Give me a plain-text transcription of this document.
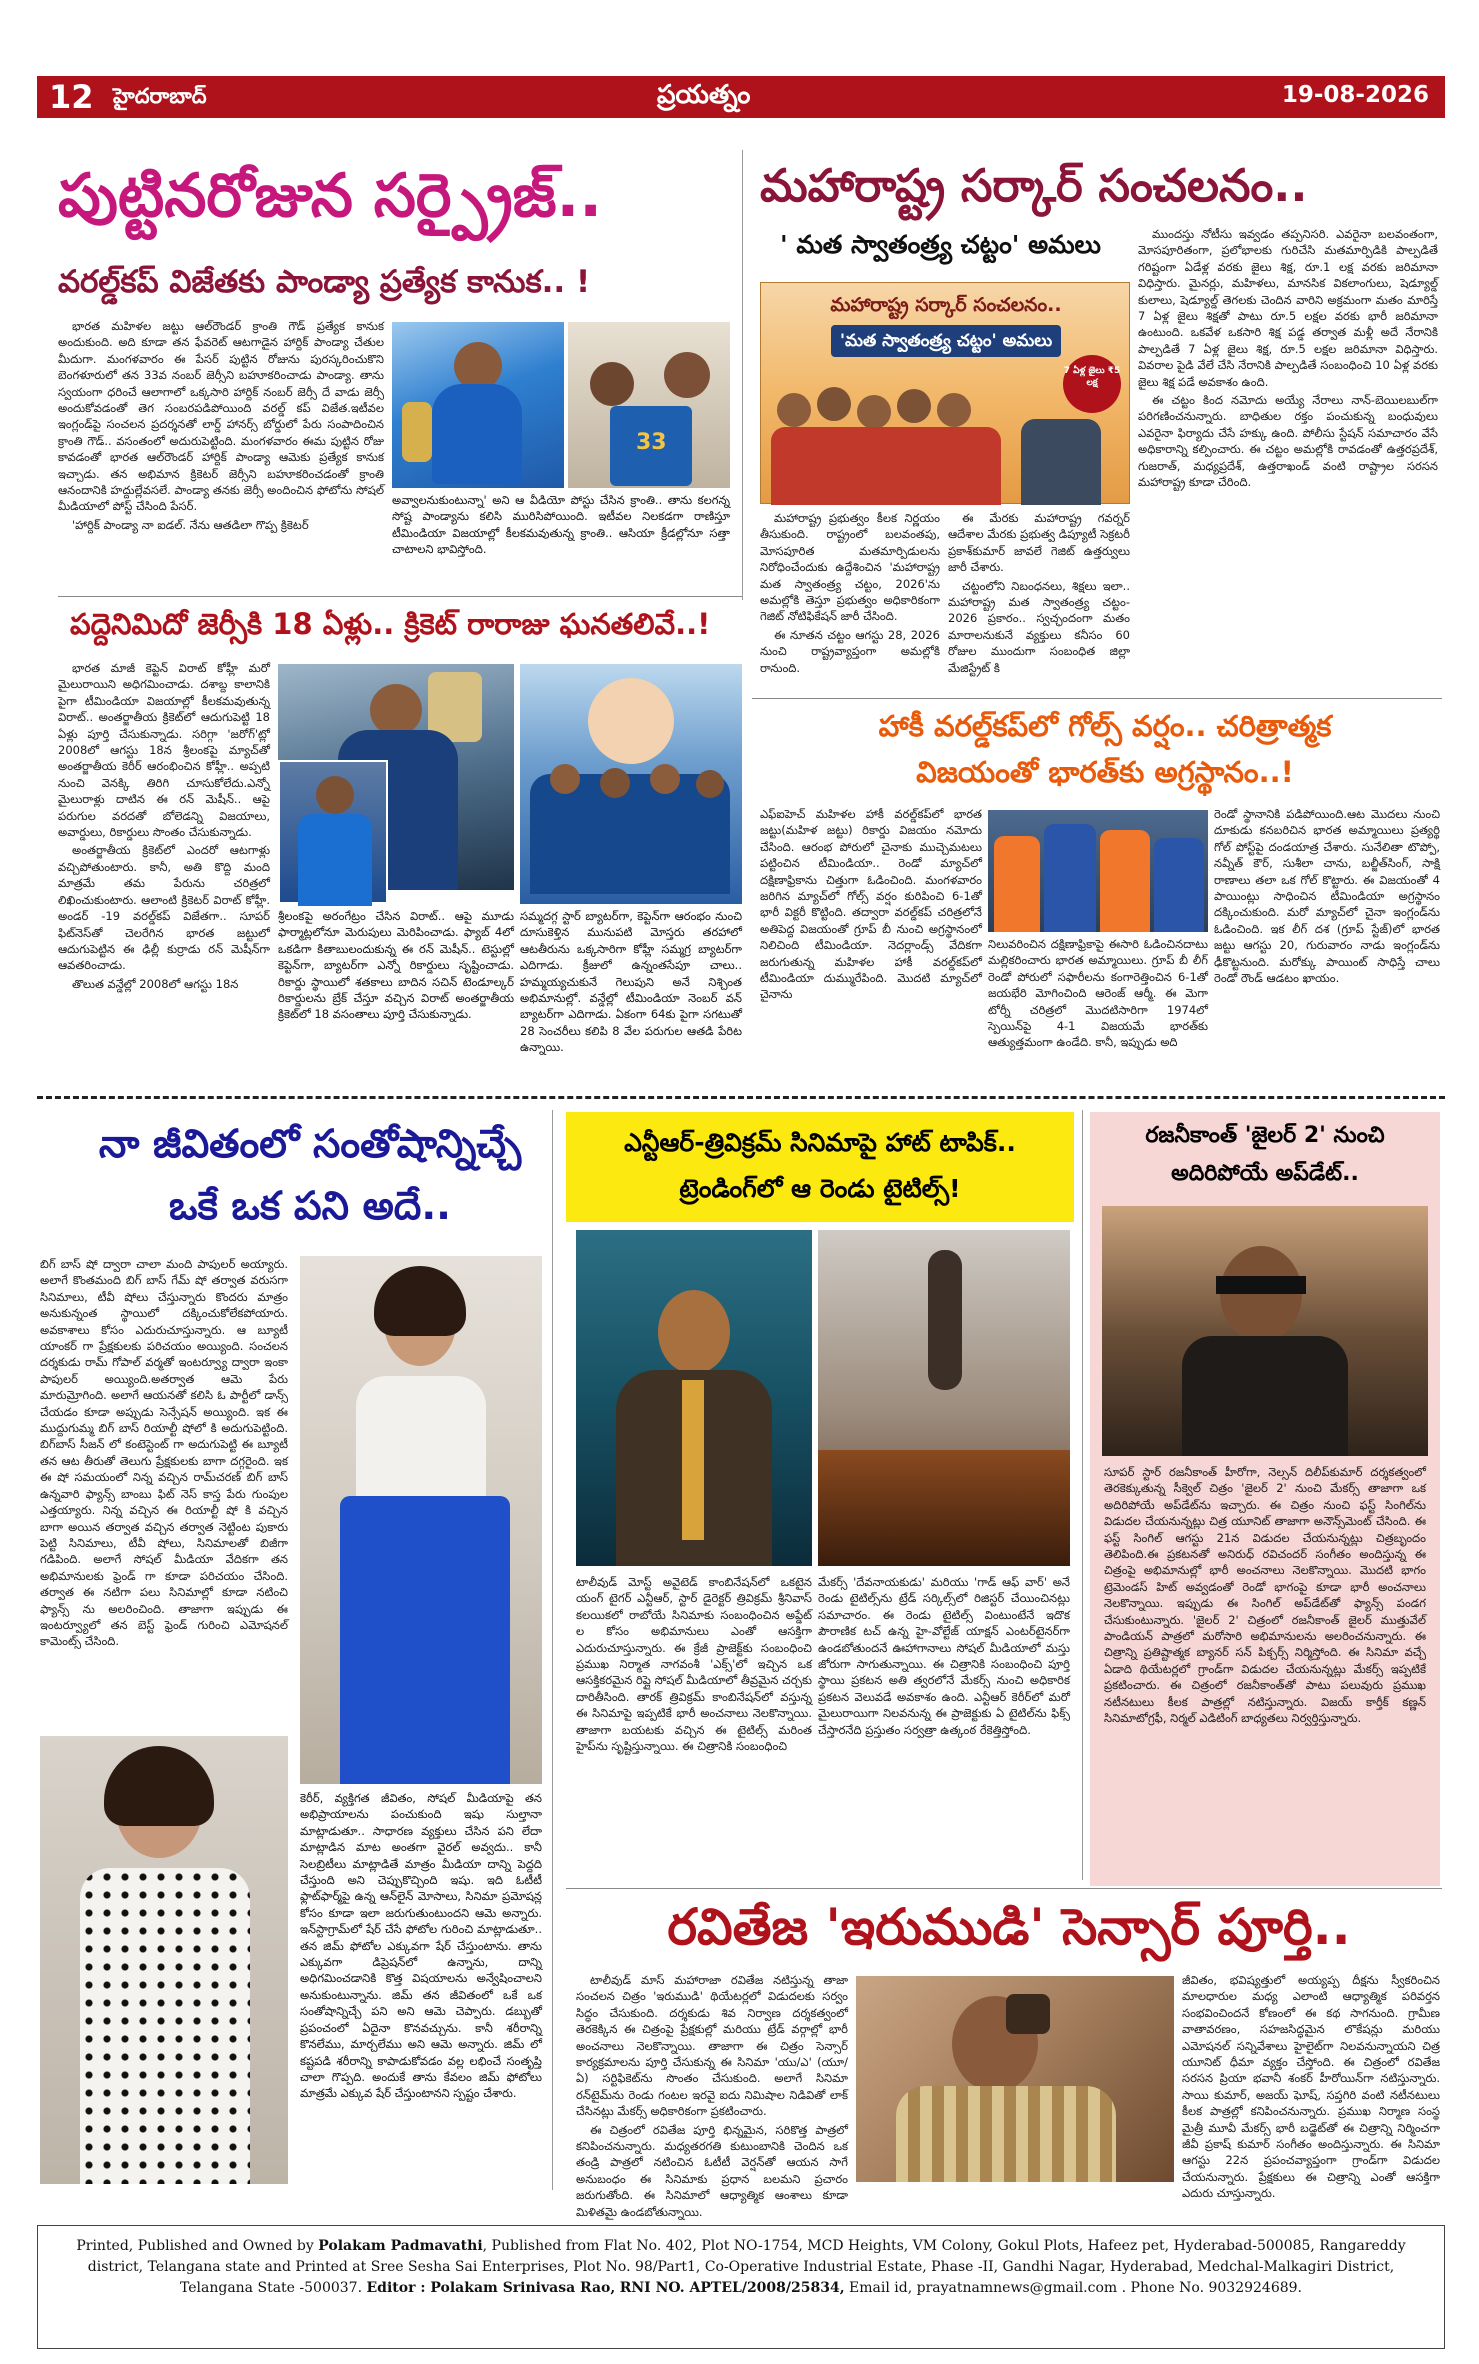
12 హైదరాబాద్	ప్రయత్నం	19-08-2026
పుట్టినరోజున సర్ప్రైజ్..
వరల్డ్‌కప్ విజేతకు పాండ్యా ప్రత్యేక కానుక.. !

భారత మహిళల జట్టు ఆల్‌రౌండర్ క్రాంతి గౌడ్ ప్రత్యేక కానుక అందుకుంది. అది కూడా తన ఫేవరెట్ ఆటగాడైన హార్దిక్ పాండ్యా చేతుల మీదుగా. మంగళవారం ఈ పేసర్ పుట్టిన రోజును పురస్కరించుకొని బెంగళూరులో తన 33వ నంబర్ జెర్సీని బహూకరించాడు పాండ్యా. తాను స్వయంగా ధరించే ఆలాగాలో ఒక్కసారి హార్దిక్ నంబర్ జెర్సీ దే వాడు జెర్సీ అందుకోవడంతో తెగ సంబరపడిపోయింది వరల్డ్ కప్ విజేత.ఇటీవల ఇంగ్లండ్‌పై సంచలన ప్రదర్శనతో లార్డ్ హానర్స్ బోర్డులో పేరు సంపాదించిన క్రాంతి గౌడ్.. వసంతంలో అదురుపెట్టింది. మంగళవారం ఈమ పుట్టిన రోజు కావడంతో భారత ఆల్‌రౌండర్ హార్దిక్ పాండ్యా ఆమెకు ప్రత్యేక కానుక ఇచ్చాడు. తన అభిమాన క్రికెటర్ జెర్సీని బహూకరించడంతో క్రాంతి ఆనందానికి హద్దుల్లేవసలే. పాండ్యా తనకు జెర్సీ అందించిన ఫోటోను సోషల్ మీడియాలో పోస్ట్ చేసింది పేసర్.

'హార్దిక్ పాండ్యా నా ఐడల్. నేను ఆతడిలా గొప్ప క్రికెటర్

33
అవ్వాలనుకుంటున్నా' అని ఆ వీడియో పోస్టు చేసిన క్రాంతి.. తాను కలగన్న సోష్ట పాండ్యాను కలిసి మురిసిపోయింది. ఇటీవల నిలకడగా రాణిస్తూ టీమిండియా విజయాల్లో కీలకమవుతున్న క్రాంతి.. ఆసియా క్రీడల్లోనూ సత్తా చాటాలని భావిస్తోంది.
పద్దెనిమిదో జెర్సీకి 18 ఏళ్లు.. క్రికెట్ రారాజు ఘనతలివే..!

భారత మాజీ కెప్టెన్ విరాట్ కోహ్లీ మరో మైలురాయిని అధిగమించాడు. దశాబ్ద కాలానికి పైగా టీమిండియా విజయాల్లో కీలకమవుతున్న విరాట్.. అంతర్జాతీయ క్రికెట్‌లో ఆదుగుపెట్టి 18 ఏళ్లు పూర్తి చేసుకున్నాడు. సరిగ్గా 'జరోగ్'ట్లో 2008లో ఆగస్టు 18న శ్రీలంకపై మ్యాచ్‌తో అంతర్జాతీయ కెరీర్ ఆరంభించిన కోహ్లీ.. అప్పటి నుంచి వెనక్కి తిరిగి చూసుకోలేదు.ఎన్నో మైలురాళ్లు దాటిన ఈ రన్ మెషీన్.. ఆపై పరుగుల వరదతో బోలెడన్ని విజయాలు, అవార్డులు, రికార్డులు సొంతం చేసుకున్నాడు.

అంతర్జాతీయ క్రికెట్‌లో ఎందరో ఆటగాళ్లు వచ్చిపోతుంటారు. కానీ, అతి కొద్ది మంది మాత్రమే తమ పేరును చరిత్రలో లిఖించుకుంటారు. ఆలాంటి క్రికెటర్ విరాట్ కోహ్లీ. అండర్ -19 వరల్డ్‌కప్ విజేతగా.. సూపర్ ఫిట్‌నెస్‌తో చెలరేగిన భారత జట్టులో ఆదుగుపెట్టిన ఈ ఢిల్లీ కుర్రాడు రన్ మెషీన్‌గా ఆవతరించాడు.

తొలుత వన్డేల్లో 2008లో ఆగస్టు 18న

శ్రీలంకపై అరంగేట్రం చేసిన విరాట్.. ఆపై మూడు ఫార్మాట్లలోనూ మెరుపులు మెరిపించాడు. ఫ్యాబ్ 4లో ఒకడిగా కితాబులందుకున్న ఈ రన్ మెషీన్.. టెస్టుల్లో కెప్టెన్‌గా, బ్యాటర్‌గా ఎన్నో రికార్డులు సృష్టించాడు. రికార్డు స్థాయిలో శతకాలు బాదిన సచిన్ టెండూల్కర్ రికార్డులను బ్రేక్ చేస్తూ వచ్చిన విరాట్ అంతర్జాతీయ క్రికెట్‌లో 18 వసంతాలు పూర్తి చేసుకున్నాడు.
సమ్మదగ్గ స్టార్ బ్యాటర్‌గా, కెప్టెన్‌గా ఆరంభం నుంచి దూసుకెళ్తిన మునుపటి మోస్తరు తరహాలో ఆటతీరును ఒక్కసారిగా కోహ్లీ సమ్మగ్ర బ్యాటర్‌గా ఎదిగాడు. క్రీజులో ఉన్నంతసేపూ చాలు.. హమ్మయ్యచుకునే గెలుపుని అనే నిశ్చింత అభిమానుల్లో. వన్డేల్లో టీమిండియా నెంబర్ వన్ బ్యాటర్‌గా ఎదిగాడు. ఏకంగా 64కు పైగా సగటుతో 28 సెంచరీలు కలిపి 8 వేల పరుగుల ఆతడి పేరిట ఉన్నాయి.
మహారాష్ట్ర సర్కార్ సంచలనం..
' మత స్వాతంత్ర్య చట్టం' అమలు
మహారాష్ట్ర సర్కార్ సంచలనం..
'మత స్వాతంత్ర్య చట్టం' అమలు
7 ఏళ్ల జైలు ₹5 లక్ష

మహారాష్ట్ర ప్రభుత్వం కీలక నిర్ణయం తీసుకుంది. రాష్ట్రంలో బలవంతపు, మోసపూరిత మతమార్పిడులను నిరోధించేందుకు ఉద్దేశించిన 'మహారాష్ట్ర మత స్వాతంత్ర్య చట్టం, 2026'ను అమల్లోకి తెస్తూ ప్రభుత్వం అధికారికంగా గెజిట్ నోటిఫికేషన్ జారీ చేసింది.

ఈ నూతన చట్టం ఆగస్టు 28, 2026 నుంచి రాష్ట్రవ్యాప్తంగా అమల్లోకి రానుంది.

ఈ మేరకు మహారాష్ట్ర గవర్నర్ ఆదేశాల మేరకు ప్రభుత్వ డిప్యూటీ సెక్రటరీ ప్రకాశ్‌కుమార్ జావలే గెజిట్ ఉత్తర్వులు జారీ చేశారు.

చట్టంలోని నిబంధనలు, శిక్షలు ఇలా.. మహారాష్ట్ర మత స్వాతంత్ర్య చట్టం- 2026 ప్రకారం.. స్వచ్ఛందంగా మతం మారాలనుకునే వ్యక్తులు కనీసం 60 రోజుల ముందుగా సంబంధిత జిల్లా మేజిస్ట్రేట్ కి

ముందస్తు నోటీసు ఇవ్వడం తప్పనిసరి. ఎవరైనా బలవంతంగా, మోసపూరితంగా, ప్రలోభాలకు గురిచేసి మతమార్పిడికి పాల్పడితే గరిష్టంగా ఏడేళ్ల వరకు జైలు శిక్ష, రూ.1 లక్ష వరకు జరిమానా విధిస్తారు. మైనర్లు, మహిళలు, మానసిక వికలాంగులు, షెడ్యూల్డ్ కులాలు, షెడ్యూల్డ్ తెగలకు చెందిన వారిని అక్రమంగా మతం మారిస్తే 7 ఏళ్ల జైలు శిక్షతో పాటు రూ.5 లక్షల వరకు భారీ జరిమానా ఉంటుంది. ఒకవేళ ఒకసారి శిక్ష పడ్డ తర్వాత మళ్లీ అదే నేరానికి పాల్పడితే 7 ఏళ్ల జైలు శిక్ష, రూ.5 లక్షల జరిమానా విధిస్తారు. వివరాల పైడి వేలే చేసి నేరానికి పాల్పడితే సంబంధించి 10 ఏళ్ల వరకు జైలు శిక్ష పడే అవకాశం ఉంది.

ఈ చట్టం కింద నమోదు అయ్యే నేరాలు నాన్-బెయిలబుల్‌గా పరిగణించనున్నారు. బాధితుల రక్తం పంచుకున్న బంధువులు ఎవరైనా ఫిర్యాదు చేసే హక్కు ఉంది. పోలీసు స్టేషన్ సమాచారం వేసే అధికారాన్ని కల్పించారు. ఈ చట్టం అమల్లోకి రావడంతో ఉత్తరప్రదేశ్, గుజరాత్, మధ్యప్రదేశ్, ఉత్తరాఖండ్ వంటి రాష్ట్రాల సరసన మహారాష్ట్ర కూడా చేరింది.

హాకీ వరల్డ్‌కప్‌లో గోల్స్ వర్షం.. చరిత్రాత్మక
విజయంతో భారత్‌కు అగ్రస్థానం..!
ఎఫ్ఐహెచ్ మహిళల హాకీ వరల్డ్‌కప్‌లో భారత జట్టు(మహిళ జట్టు) రికార్డు విజయం నమోదు చేసింది. ఆరంభ పోరులో చైనాకు ముచ్చెమటలు పట్టించిన టీమిండియా.. రెండో మ్యాచ్‌లో దక్షిణాఫ్రికాను చిత్తుగా ఓడించింది. మంగళవారం జరిగిన మ్యాచ్‌లో గోల్స్ వర్షం కురిపించి 6-1తో భారీ విక్టరీ కొట్టింది. తద్వారా వరల్డ్‌కప్ చరిత్రలోనే అతిపెద్ద విజయంతో గ్రూప్ బీ నుంచి అగ్రస్థానంలో నిలిచింది టీమిండియా. నెదర్లాండ్స్ వేదికగా జరుగుతున్న మహిళల హాకీ వరల్డ్‌కప్‌లో టీమిండియా దుమ్మురేపింది. మొదటి మ్యాచ్‌లో చైనాను
నిలువరించిన దక్షిణాఫ్రికాపై ఈసారి ఓడించినదాటు మల్లికరించారు భారత అమ్మాయిలు. గ్రూప్ బీ లీగ్ రెండో పోరులో సఫారీలను కంగారెత్తించిన 6-1తో జయభేరి మోగించింది ఆరెంజ్ ఆర్మీ. ఈ మెగా టోర్నీ చరిత్రలో మొదటిసారిగా 1974లో స్పెయిన్‌పై 4-1 విజయమే భారత్‌కు ఆత్యుత్తమంగా ఉండేది. కానీ, ఇప్పుడు అది
రెండో స్థానానికి పడిపోయింది.ఆట మొదలు నుంచి దూకుడు కనబరిచిన భారత అమ్మాయిలు ప్రత్యర్థి గోల్ పోస్ట్‌పై దండయాత్ర చేశారు. సునేలితా టొప్పో, నవ్నీత్ కౌర్, సుశీలా చాను, బల్జీత్‌సింగ్, సాక్షి రాణాలు తలా ఒక గోల్ కొట్టారు. ఈ విజయంతో 4 పాయింట్లు సాధించిన టీమిండియా అగ్రస్థానం దక్కించుకుంది. మరో మ్యాచ్‌లో చైనా ఇంగ్లండ్‌ను ఓడించింది. ఇక లీగ్ దశ (గ్రూప్ స్టేజ్)లో భారత జట్టు ఆగస్టు 20, గురువారం నాడు ఇంగ్లండ్‌ను ఢీకొట్టనుంది. మరోక్కు పాయింట్ సాధిస్తే చాలు రెండో రౌండ్ ఆడటం ఖాయం.
నా జీవితంలో సంతోషాన్నిచ్చే
ఒకే ఒక పని అదే..
బిగ్ బాస్ షో ద్వారా చాలా మంది పాపులర్ అయ్యారు. అలాగే కొంతమంది బిగ్ బాస్ గేమ్ షో తర్వాత వరుసగా సినిమాలు, టీవీ షోలు చేస్తున్నారు కొందరు మాత్రం అనుకున్నంత స్థాయిలో దక్కించుకోలేకపోయారు. అవకాశాలు కోసం ఎదురుచూస్తున్నారు. ఆ బ్యూటీ యాంకర్ గా ప్రేక్షకులకు పరిచయం అయ్యింది. సంచలన దర్శకుడు రామ్ గోపాల్ వర్మతో ఇంటర్వ్యూ ద్వారా ఇంకా పాపులర్ అయ్యింది.అతర్వాత ఆమె పేరు మారుమ్రోగింది. అలాగే ఆయనతో కలిసి ఓ పార్టీలో డాన్స్ చేయడం కూడా అప్పుడు సెన్సేషన్ అయ్యింది. ఇక ఈ ముద్దుగుమ్మ బిగ్ బాస్ రియాల్టీ షోలో కి అదుగుపెట్టింది. బిగ్‌బాస్ సీజన్ లో కంటెస్టెంట్ గా అదుగుపెట్టి ఈ బ్యూటీ తన ఆట తీరుతో తెలుగు ప్రేక్షకులకు బాగా దగ్గరైంది. ఇక ఈ షో సమయంలో నిన్న వచ్చిన రామ్‌చరణ్ బిగ్ బాస్ ఉన్నవారి ఫ్యాన్స్ బాంబు ఫిట్ నెస్ కాస్త పేరు గుంపుల ఎత్తయ్యారు. నిన్న వచ్చిన ఈ రియాల్టీ షో కి వచ్చిన బాగా అయిన తర్వాత వచ్చిన తర్వాత నెట్టింట పుకారు పెట్టి సినిమాలు, టీవీ షోలు, సినిమాలతో బిజీగా గడిపింది. అలాగే సోషల్ మీడియా వేదికగా తన అభిమానులకు ఫ్రెండ్ గా కూడా పరిచయం చేసింది. తర్వాత ఈ నటిగా పలు సినిమాల్లో కూడా నటించి ఫ్యాన్స్ ను అలరించింది. తాజాగా ఇప్పుడు ఈ ఇంటర్వ్యూలో తన బెస్ట్ ఫ్రెండ్ గురించి ఎమోషనల్ కామెంట్స్ చేసింది.
కెరీర్, వ్యక్తిగత జీవితం, సోషల్ మీడియాపై తన అభిప్రాయాలను పంచుకుంది ఇషు సుల్తానా మాట్లాడుతూ.. సాధారణ వ్యక్తులు చేసిన పని లేదా మాట్లాడిన మాట అంతగా వైరల్ అవ్వదు.. కానీ సెలబ్రిటీలు మాట్లాడితే మాత్రం మీడియా దాన్ని పెద్దది చేస్తుంది అని చెప్పుకొచ్చింది ఇషు. ఇది ఓటీటీ ఫ్లాట్‌ఫార్మ్‌పై ఉన్న ఆన్‌లైన్ మోసాలు, సినిమా ప్రమోషన్ల కోసం కూడా ఇలా జరుగుతుంటుందని ఆమె అన్నారు. ఇన్‌స్టాగ్రామ్‌లో షేర్ చేసే ఫోటోల గురించి మాట్లాడుతూ.. తన జిమ్ ఫోటోల ఎక్కువగా షేర్ చేస్తుంటాను. తాను ఎక్కువగా డిప్రెషన్‌లో ఉన్నాను, దాన్ని అధిగమించడానికి కొత్త విషయాలను అన్వేషించాలని అనుకుంటున్నాను. జిమ్ తన జీవితంలో ఒకే ఒక సంతోషాన్నిచ్చే పని అని ఆమె చెప్పారు. డబ్బుతో ప్రపంచంలో ఏదైనా కొనవచ్చును. కానీ శరీరాన్ని కొనలేము, మార్చలేము అని ఆమె అన్నారు. జిమ్ లో కష్టపడి శరీరాన్ని కాపాడుకోవడం వల్ల లభించే సంతృప్తి చాలా గొప్పది. అందుకే తాను కేవలం జిమ్ ఫోటోలు మాత్రమే ఎక్కువ షేర్ చేస్తుంటానని స్పష్టం చేశారు.
ఎన్టీఆర్-త్రివిక్రమ్ సినిమాపై హాట్ టాపిక్..
ట్రెండింగ్‌లో ఆ రెండు టైటిల్స్!
టాలీవుడ్ మోస్ట్ అవైటెడ్ కాంబినేషన్‌లో ఒకటైన యంగ్ టైగర్ ఎన్టీఆర్, స్టార్ డైరెక్టర్ త్రివిక్రమ్ శ్రీనివాస్ కలయికలో రాబోయే సినిమాకు సంబంధించిన అప్డేట్ ల కోసం అభిమానులు ఎంతో ఆసక్తిగా ఎదురుచూస్తున్నారు. ఈ క్రేజీ ప్రాజెక్ట్‌కు సంబంధించి ప్రముఖ నిర్మాత నాగవంశీ 'ఎక్స్‌'లో ఇచ్చిన ఒక ఆసక్తికరమైన రిప్లై సోషల్ మీడియాలో తీవ్రమైన చర్చకు దారితీసింది. తారక్ త్రివిక్రమ్ కాంబినేషన్‌లో వస్తున్న ఈ సినిమాపై ఇప్పటికే భారీ అంచనాలు నెలకొన్నాయి. తాజాగా బయటకు వచ్చిన ఈ టైటిల్స్ మరింత హైప్‌ను సృష్టిస్తున్నాయి. ఈ చిత్రానికి సంబంధించి
మేకర్స్ 'దేవనాయకుడు' మరియు 'గాడ్ ఆఫ్ వార్' అనే రెండు టైటిల్స్‌ను ట్రేడ్ సర్కిల్స్‌లో రిజిస్టర్ చేయించినట్లు సమాచారం. ఈ రెండు టైటిల్స్ వింటుంటేనే ఇదొక పౌరాణిక టచ్ ఉన్న హై-వోల్టేజ్ యాక్షన్ ఎంటర్‌టైనర్‌గా ఉండబోతుందనే ఊహాగానాలు సోషల్ మీడియాలో మస్తు జోరుగా సాగుతున్నాయి. ఈ చిత్రానికి సంబంధించి పూర్తి స్థాయి ప్రకటన అతి త్వరలోనే మేకర్స్ నుంచి అధికారిక ప్రకటన వెలువడే అవకాశం ఉంది. ఎన్టీఆర్ కెరీర్‌లో మరో మైలురాయిగా నిలవనున్న ఈ ప్రాజెక్టుకు ఏ టైటిల్‌ను ఫిక్స్ చేస్తారనేది ప్రస్తుతం సర్వత్రా ఉత్కంఠ రేకెత్తిస్తోంది.
రజనీకాంత్ 'జైలర్ 2' నుంచి
అదిరిపోయే అప్‌డేట్..
సూపర్ స్టార్ రజనీకాంత్ హీరోగా, నెల్సన్ దిలీప్‌కుమార్ దర్శకత్వంలో తెరకెక్కుతున్న సీక్వెల్ చిత్రం 'జైలర్ 2' నుంచి మేకర్స్ తాజాగా ఒక అదిరిపోయే అప్‌డేట్‌ను ఇచ్చారు. ఈ చిత్రం నుంచి ఫస్ట్ సింగిల్‌ను విడుదల చేయనున్నట్లు చిత్ర యూనిట్ తాజాగా అనౌన్స్‌మెంట్ చేసింది. ఈ ఫస్ట్ సింగిల్ ఆగస్టు 21న విడుదల చేయనున్నట్లు చిత్రబృందం తెలిపింది.ఈ ప్రకటనతో అనిరుధ్ రవిచందర్ సంగీతం అందిస్తున్న ఈ చిత్రంపై అభిమానుల్లో భారీ అంచనాలు నెలకొన్నాయి. మొదటి భాగం ట్రెమెండస్ హిట్ అవ్వడంతో రెండో భాగంపై కూడా భారీ అంచనాలు నెలకొన్నాయి. ఇప్పుడు ఈ సింగిల్ అప్‌డేట్‌తో ఫ్యాన్స్ పండగ చేసుకుంటున్నారు. 'జైలర్ 2' చిత్రంలో రజనీకాంత్ జైలర్ ముత్తువేల్ పాండియన్ పాత్రలో మరోసారి అభిమానులను అలరించనున్నారు. ఈ చిత్రాన్ని ప్రతిష్టాత్మక బ్యానర్ సన్ పిక్చర్స్ నిర్మిస్తోంది. ఈ సినిమా వచ్చే ఏడాది థియేటర్లలో గ్రాండ్‌గా విడుదల చేయనున్నట్లు మేకర్స్ ఇప్పటికే ప్రకటించారు. ఈ చిత్రంలో రజనీకాంత్‌తో పాటు పలువురు ప్రముఖ నటీనటులు కీలక పాత్రల్లో నటిస్తున్నారు. విజయ్ కార్తీక్ కణ్ణన్ సినిమాటోగ్రఫీ, నిర్మల్ ఎడిటింగ్ బాధ్యతలు నిర్వర్తిస్తున్నారు.
రవితేజ 'ఇరుముడి' సెన్సార్ పూర్తి..

టాలీవుడ్ మాస్ మహారాజా రవితేజ నటిస్తున్న తాజా సంచలన చిత్రం 'ఇరుముడి' థియేటర్లలో విడుదలకు సర్వం సిద్ధం చేసుకుంది. దర్శకుడు శివ నిర్వాణ దర్శకత్వంలో తెరకెక్కిన ఈ చిత్రంపై ప్రేక్షకుల్లో మరియు ట్రేడ్ వర్గాల్లో భారీ అంచనాలు నెలకొన్నాయి. తాజాగా ఈ చిత్రం సెన్సార్ కార్యక్రమాలను పూర్తి చేసుకున్న ఈ సినిమా 'యు/ఎ' (యూ/ఏ) సర్టిఫికెట్‌ను సొంతం చేసుకుంది. అలాగే సినిమా రన్‌టైమ్‌ను రెండు గంటల ఇరవై ఐదు నిమిషాల నిడివితో లాక్ చేసినట్లు మేకర్స్ అధికారికంగా ప్రకటించారు.

ఈ చిత్రంలో రవితేజ పూర్తి భిన్నమైన, సరికొత్త పాత్రలో కనిపించనున్నారు. మధ్యతరగతి కుటుంబానికి చెందిన ఒక తండ్రి పాత్రలో నటించిన ఓటీటీ వెర్షన్‌తో ఆయన సాగే అనుబంధం ఈ సినిమాకు ప్రధాన బలమని ప్రచారం జరుగుతోంది. ఈ సినిమాలో ఆధ్యాత్మిక ఆంశాలు కూడా మిళితమై ఉండబోతున్నాయి.

జీవితం, భవిష్యత్తులో అయ్యప్ప దీక్షను స్వీకరించిన మాలధారుల మధ్య ఎలాంటి ఆధ్యాత్మిక పరివర్తన సంభవించిందనే కోణంలో ఈ కథ సాగనుంది. గ్రామీణ వాతావరణం, సహజసిద్ధమైన లొకేషన్లు మరియు ఎమోషనల్ సన్నివేశాలు హైలైట్‌గా నిలవనున్నాయని చిత్ర యూనిట్ ధీమా వ్యక్తం చేస్తోంది. ఈ చిత్రంలో రవితేజ సరసన ప్రియా భవానీ శంకర్ హీరోయిన్‌గా నటిస్తున్నారు. సాయి కుమార్, అజయ్ ఘోష్, సప్తగిరి వంటి నటీనటులు కీలక పాత్రల్లో కనిపించనున్నారు. ప్రముఖ నిర్మాణ సంస్థ మైత్రీ మూవీ మేకర్స్ భారీ బడ్జెట్‌తో ఈ చిత్రాన్ని నిర్మించగా జీవీ ప్రకాష్ కుమార్ సంగీతం అందిస్తున్నారు. ఈ సినిమా ఆగస్టు 22న ప్రపంచవ్యాప్తంగా గ్రాండ్‌గా విడుదల చేయనున్నారు. ప్రేక్షకులు ఈ చిత్రాన్ని ఎంతో ఆసక్తిగా ఎదురు చూస్తున్నారు.
Printed, Published and Owned by Polakam Padmavathi, Published from Flat No. 402, Plot NO-1754, MCD Heights, VM Colony, Gokul Plots, Hafeez pet, Hyderabad-500085, Rangareddy district, Telangana state and Printed at Sree Sesha Sai Enterprises, Plot No. 98/Part1, Co-Operative Industrial Estate, Phase -II, Gandhi Nagar, Hyderabad, Medchal-Malkagiri District, Telangana State -500037. Editor : Polakam Srinivasa Rao, RNI NO. APTEL/2008/25834, Email id, prayatnamnews@gmail.com . Phone No. 9032924689.
